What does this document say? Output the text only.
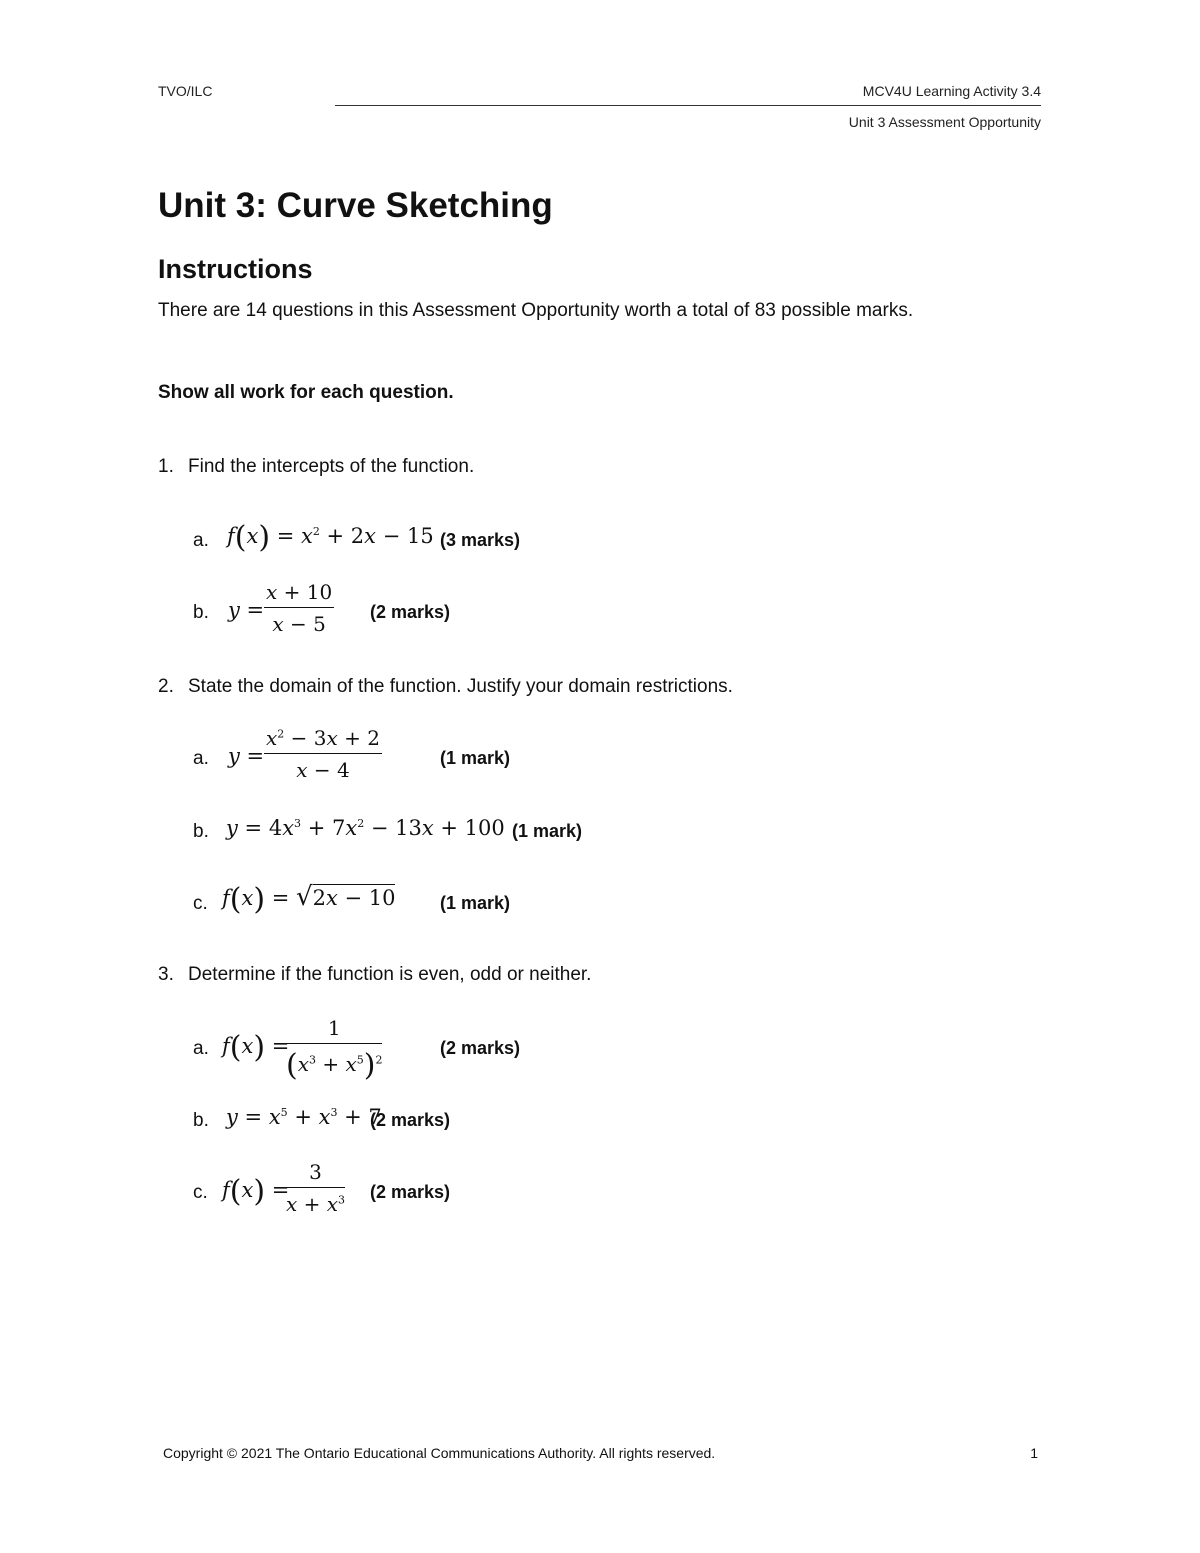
TVO/ILC	MCV4U Learning Activity 3.4
Unit 3 Assessment Opportunity
Unit 3: Curve Sketching
Instructions
There are 14 questions in this Assessment Opportunity worth a total of 83 possible marks.
Show all work for each question.
1. Find the intercepts of the function.
a. $f(x) = x^2 + 2x - 15$ (3 marks)
b. $y = \frac{x + 10}{x - 5} (2$ marks)
2. State the domain of the function. Justify your domain restrictions.
a. $y = \frac{x^2 - 3x + 2}{x - 4}$	(1 mark)
b. $y = 4x^3 + 7x^2 - 13x + 100$ (1 mark)
c. f(x) = √2x − 10 (1 mark)
3. Determine if the function is even, odd or neither.
a. f(x) =
$\frac{1}{(x^3 + x^5)^2}$	(2 marks)
b. $y = x^5 + x^3 + 7$
(2 marks)
c. f(x) =
$\frac{3}{x + x^3} (2$ marks)
Copyright © 2021 The Ontario Educational Communications Authority. All rights reserved.	1
